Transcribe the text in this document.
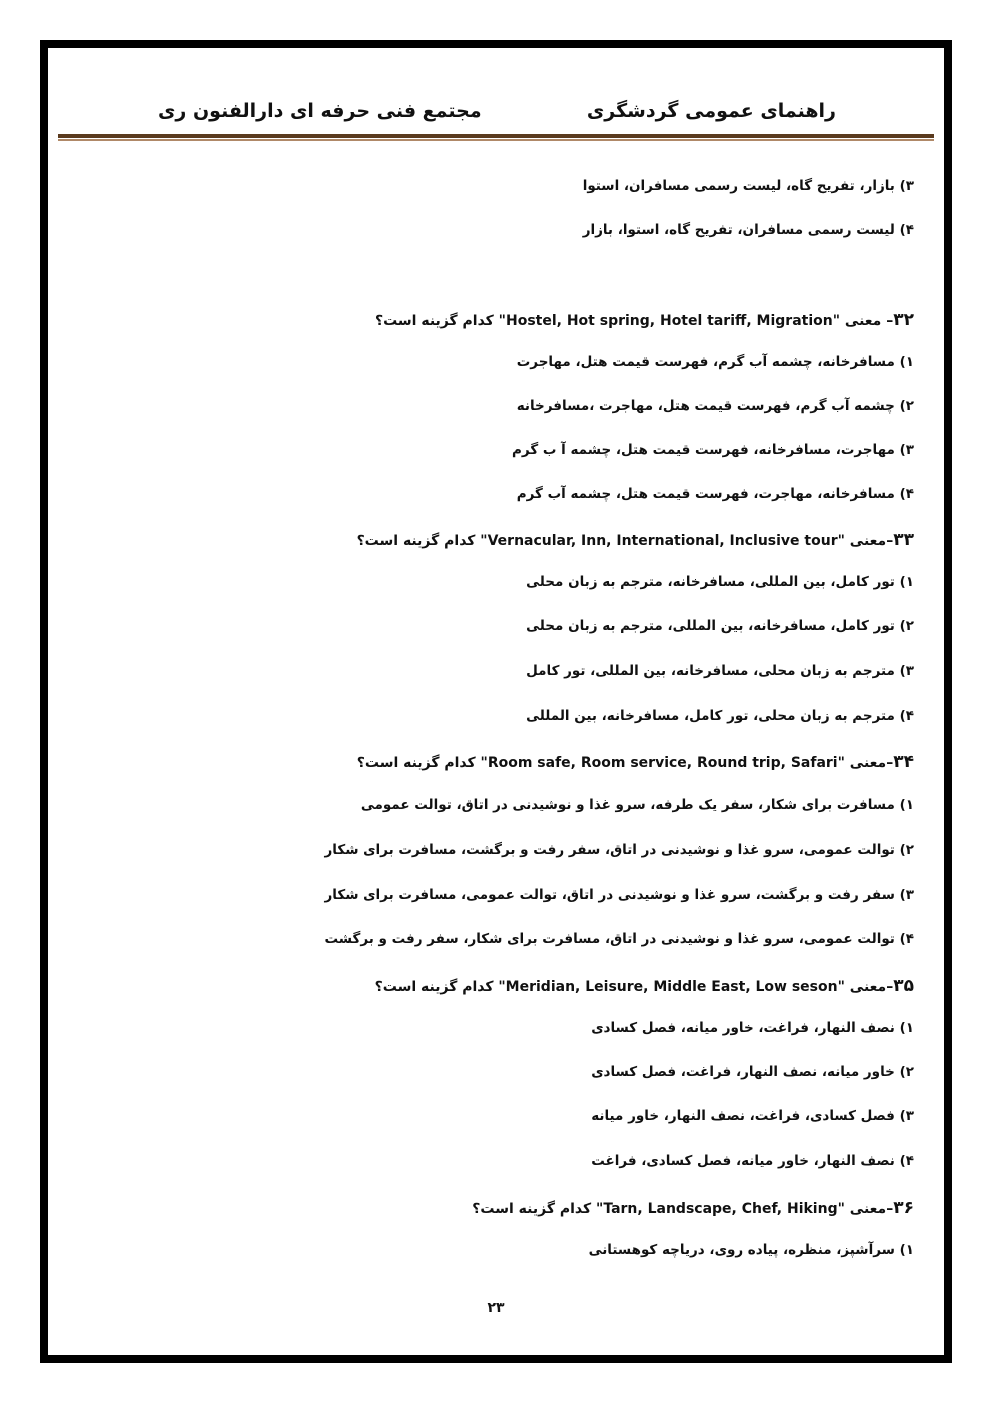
راهنمای عمومی گردشگری
مجتمع فنی حرفه ای دارالفنون ری
۳) بازار، تفریح گاه، لیست رسمی مسافران، استوا
۴) لیست رسمی مسافران، تفریح گاه، استوا، بازار
۳۲– معنی "Hostel, Hot spring, Hotel tariff, Migration" کدام گزینه است؟
۱) مسافرخانه، چشمه آب گرم، فهرست قیمت هتل، مهاجرت
۲) چشمه آب گرم، فهرست قیمت هتل، مهاجرت ،مسافرخانه
۳) مهاجرت، مسافرخانه، فهرست قیمت هتل، چشمه آ ب گرم
۴) مسافرخانه، مهاجرت، فهرست قیمت هتل، چشمه آب گرم
۳۳–معنی "Vernacular, Inn, International, Inclusive tour" کدام گزینه است؟
۱) تور کامل، بین المللی، مسافرخانه، مترجم به زبان محلی
۲) تور کامل، مسافرخانه، بین المللی، مترجم به زبان محلی
۳) مترجم به زبان محلی، مسافرخانه، بین المللی، تور کامل
۴) مترجم به زبان محلی، تور کامل، مسافرخانه، بین المللی
۳۴–معنی "Room safe, Room service, Round trip, Safari" کدام گزینه است؟
۱) مسافرت برای شکار، سفر یک طرفه، سرو غذا و نوشیدنی در اتاق، توالت عمومی
۲) توالت عمومی، سرو غذا و نوشیدنی در اتاق، سفر رفت و برگشت، مسافرت برای شکار
۳) سفر رفت و برگشت، سرو غذا و نوشیدنی در اتاق، توالت عمومی، مسافرت برای شکار
۴) توالت عمومی، سرو غذا و نوشیدنی در اتاق، مسافرت برای شکار، سفر رفت و برگشت
۳۵–معنی "Meridian, Leisure, Middle East, Low seson" کدام گزینه است؟
۱) نصف النهار، فراغت، خاور میانه، فصل کسادی
۲) خاور میانه، نصف النهار، فراغت، فصل کسادی
۳) فصل کسادی، فراغت، نصف النهار، خاور میانه
۴) نصف النهار، خاور میانه، فصل کسادی، فراغت
۳۶–معنی "Tarn, Landscape, Chef, Hiking" کدام گزینه است؟
۱) سرآشپز، منظره، پیاده روی، دریاچه کوهستانی
۲۳
